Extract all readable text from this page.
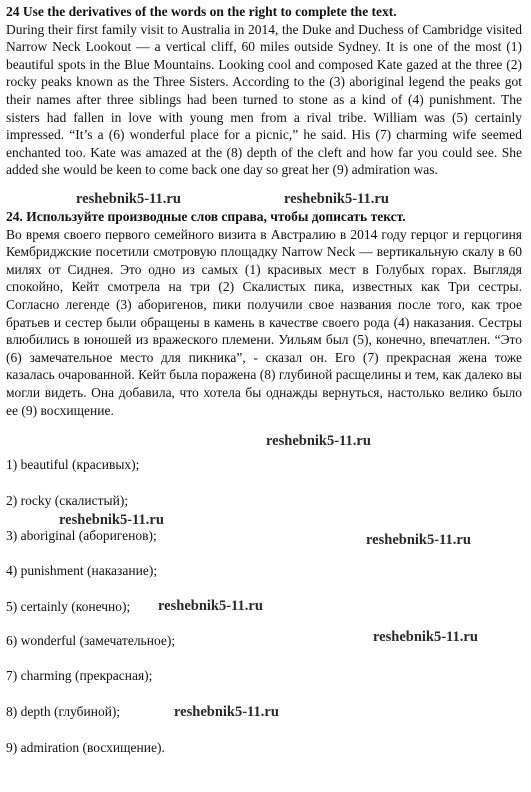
24 Use the derivatives of the words on the right to complete the text.
During their first family visit to Australia in 2014, the Duke and Duchess of Cambridge visited Narrow Neck Lookout — a vertical cliff, 60 miles outside Sydney. It is one of the most (1) beautiful spots in the Blue Mountains. Looking cool and composed Kate gazed at the three (2) rocky peaks known as the Three Sisters. According to the (3) aboriginal legend the peaks got their names after three siblings had been turned to stone as a kind of (4) punishment. The sisters had fallen in love with young men from a rival tribe. William was (5) certainly impressed. “It’s a (6) wonderful place for a picnic,” he said. His (7) charming wife seemed enchanted too. Kate was amazed at the (8) depth of the cleft and how far you could see. She added she would be keen to come back one day so great her (9) admiration was.
24. Используйте производные слов справа, чтобы дописать текст.
Во время своего первого семейного визита в Австралию в 2014 году герцог и герцогиня Кембриджские посетили смотровую площадку Narrow Neck — вертикальную скалу в 60 милях от Сиднея. Это одно из самых (1) красивых мест в Голубых горах. Выглядя спокойно, Кейт смотрела на три (2) Скалистых пика, известных как Три сестры. Согласно легенде (3) аборигенов, пики получили свое названия после того, как трое братьев и сестер были обращены в камень в качестве своего рода (4) наказания. Сестры влюбились в юношей из вражеского племени. Уильям был (5), конечно, впечатлен. “Это (6) замечательное место для пикника”, - сказал он. Его (7) прекрасная жена тоже казалась очарованной. Кейт была поражена (8) глубиной расщелины и тем, как далеко вы могли видеть. Она добавила, что хотела бы однажды вернуться, настолько велико было ее (9) восхищение.
1) beautiful (красивых);
2) rocky (скалистый);
3) aboriginal (аборигенов);
4) punishment (наказание);
5) certainly (конечно);
6) wonderful (замечательное);
7) charming (прекрасная);
8) depth (глубиной);
9) admiration (восхищение).
reshebnik5-11.ru	reshebnik5-11.ru
reshebnik5-11.ru
reshebnik5-11.ru
reshebnik5-11.ru
reshebnik5-11.ru
reshebnik5-11.ru
reshebnik5-11.ru
